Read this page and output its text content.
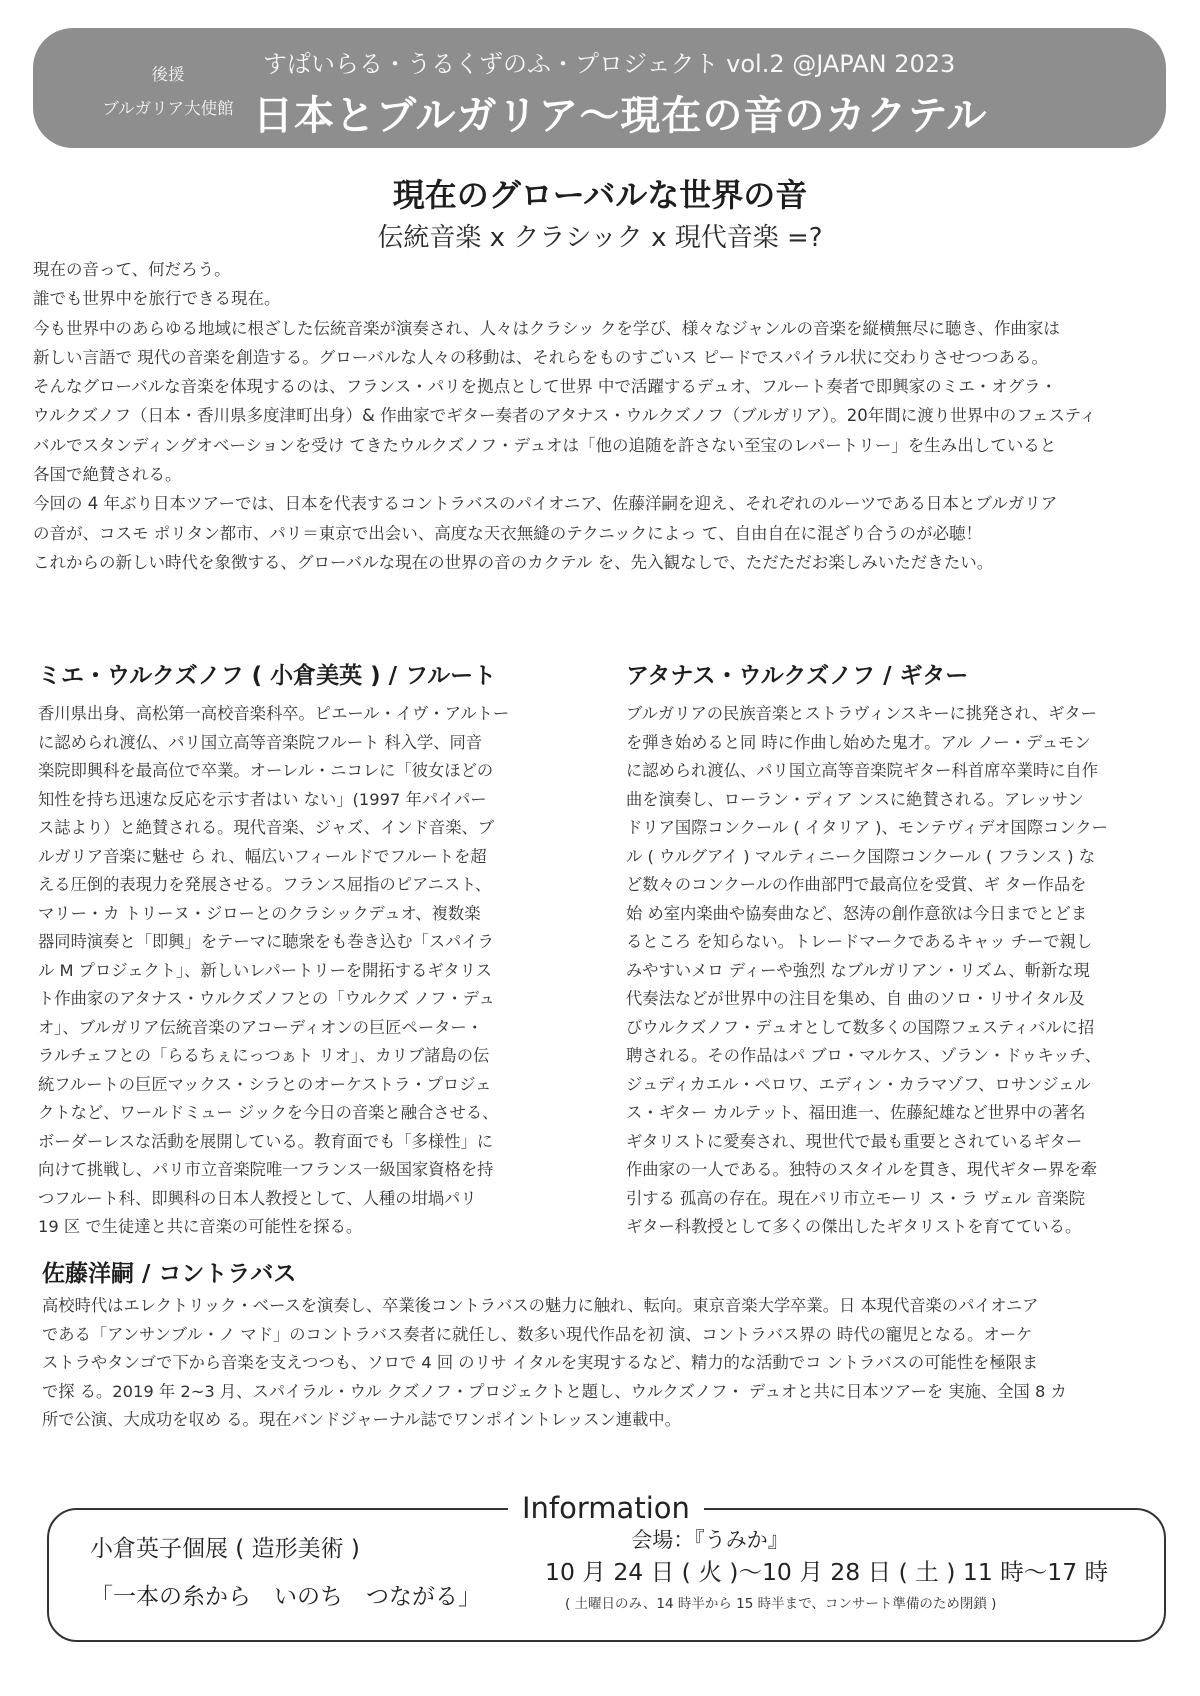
後援
ブルガリア大使館
すぱいらる・うるくずのふ・プロジェクト vol.2 @JAPAN 2023
日本とブルガリア〜現在の音のカクテル
現在のグローバルな世界の音
伝統音楽 x クラシック x 現代音楽 =?
現在の音って、何だろう。
誰でも世界中を旅行できる現在。
今も世界中のあらゆる地域に根ざした伝統音楽が演奏され、人々はクラシッ クを学び、様々なジャンルの音楽を縦横無尽に聴き、作曲家は
新しい言語で 現代の音楽を創造する。グローバルな人々の移動は、それらをものすごいス ピードでスパイラル状に交わりさせつつある。
そんなグローバルな音楽を体現するのは、フランス・パリを拠点として世界 中で活躍するデュオ、フルート奏者で即興家のミエ・オグラ・
ウルクズノフ（日本・香川県多度津町出身）& 作曲家でギター奏者のアタナス・ウルクズノフ（ブルガリア）。20年間に渡り世界中のフェスティ
バルでスタンディングオベーションを受け てきたウルクズノフ・デュオは「他の追随を許さない至宝のレパートリー」を生み出していると
各国で絶賛される。
今回の 4 年ぶり日本ツアーでは、日本を代表するコントラバスのパイオニア、佐藤洋嗣を迎え、それぞれのルーツである日本とブルガリア
の音が、コスモ ポリタン都市、パリ＝東京で出会い、高度な天衣無縫のテクニックによっ て、自由自在に混ざり合うのが必聴！
これからの新しい時代を象徴する、グローバルな現在の世界の音のカクテル を、先入観なしで、ただただお楽しみいただきたい。
ミエ・ウルクズノフ ( 小倉美英 ) / フルート
香川県出身、高松第一高校音楽科卒。ピエール・イヴ・アルトー
に認められ渡仏、パリ国立高等音楽院フルート 科入学、同音
楽院即興科を最高位で卒業。オーレル・ニコレに「彼女ほどの
知性を持ち迅速な反応を示す者はい ない」(1997 年パイパー
ス誌より）と絶賛される。現代音楽、ジャズ、インド音楽、ブ
ルガリア音楽に魅せ ら れ、幅広いフィールドでフルートを超
える圧倒的表現力を発展させる。フランス屈指のピアニスト、
マリー・カ トリーヌ・ジローとのクラシックデュオ、複数楽
器同時演奏と「即興」をテーマに聴衆をも巻き込む「スパイラ
ル M プロジェクト」、新しいレパートリーを開拓するギタリス
ト作曲家のアタナス・ウルクズノフとの「ウルクズ ノフ・デュ
オ」、ブルガリア伝統音楽のアコーディオンの巨匠ペーター・
ラルチェフとの「らるちぇにっつぁト リオ」、カリブ諸島の伝
統フルートの巨匠マックス・シラとのオーケストラ・プロジェ
クトなど、ワールドミュー ジックを今日の音楽と融合させる、
ボーダーレスな活動を展開している。教育面でも「多様性」に
向けて挑戦し、パリ市立音楽院唯一フランス一級国家資格を持
つフルート科、即興科の日本人教授として、人種の坩堝パリ
19 区 で生徒達と共に音楽の可能性を探る。
アタナス・ウルクズノフ / ギター
ブルガリアの民族音楽とストラヴィンスキーに挑発され、ギター
を弾き始めると同 時に作曲し始めた鬼才。アル ノー・デュモン
に認められ渡仏、パリ国立高等音楽院ギター科首席卒業時に自作
曲を演奏し、ローラン・ディア ンスに絶賛される。アレッサン
ドリア国際コンクール ( イタリア )、モンテヴィデオ国際コンクー
ル ( ウルグアイ ) マルティニーク国際コンクール ( フランス ) な
ど数々のコンクールの作曲部門で最高位を受賞、ギ ター作品を
始 め室内楽曲や協奏曲など、怒涛の創作意欲は今日までとどま
るところ を知らない。トレードマークであるキャッ チーで親し
みやすいメロ ディーや強烈 なブルガリアン・リズム、斬新な現
代奏法などが世界中の注目を集め、自 曲のソロ・リサイタル及
びウルクズノフ・デュオとして数多くの国際フェスティバルに招
聘される。その作品はパ ブロ・マルケス、ゾラン・ドゥキッチ、
ジュディカエル・ペロワ、エディン・カラマゾフ、ロサンジェル
ス・ギター カルテット、福田進一、佐藤紀雄など世界中の著名
ギタリストに愛奏され、現世代で最も重要とされているギター
作曲家の一人である。独特のスタイルを貫き、現代ギター界を牽
引する 孤高の存在。現在パリ市立モーリ ス・ラ ヴェル 音楽院
ギター科教授として多くの傑出したギタリストを育てている。
佐藤洋嗣 / コントラバス
高校時代はエレクトリック・ベースを演奏し、卒業後コントラバスの魅力に触れ、転向。東京音楽大学卒業。日 本現代音楽のパイオニア
である「アンサンブル・ノ マド」のコントラバス奏者に就任し、数多い現代作品を初 演、コントラバス界の 時代の寵児となる。オーケ
ストラやタンゴで下から音楽を支えつつも、ソロで 4 回 のリサ イタルを実現するなど、精力的な活動でコ ントラバスの可能性を極限ま
で探 る。2019 年 2~3 月、スパイラル・ウル クズノフ・プロジェクトと題し、ウルクズノフ・ デュオと共に日本ツアーを 実施、全国 8 カ
所で公演、大成功を収め る。現在バンドジャーナル誌でワンポイントレッスン連載中。
Information
小倉英子個展 ( 造形美術 )
「一本の糸から　いのち　つながる」
会場：『うみか』
10 月 24 日 ( 火 )〜10 月 28 日 ( 土 ) 11 時〜17 時
( 土曜日のみ、14 時半から 15 時半まで、コンサート準備のため閉鎖 )
